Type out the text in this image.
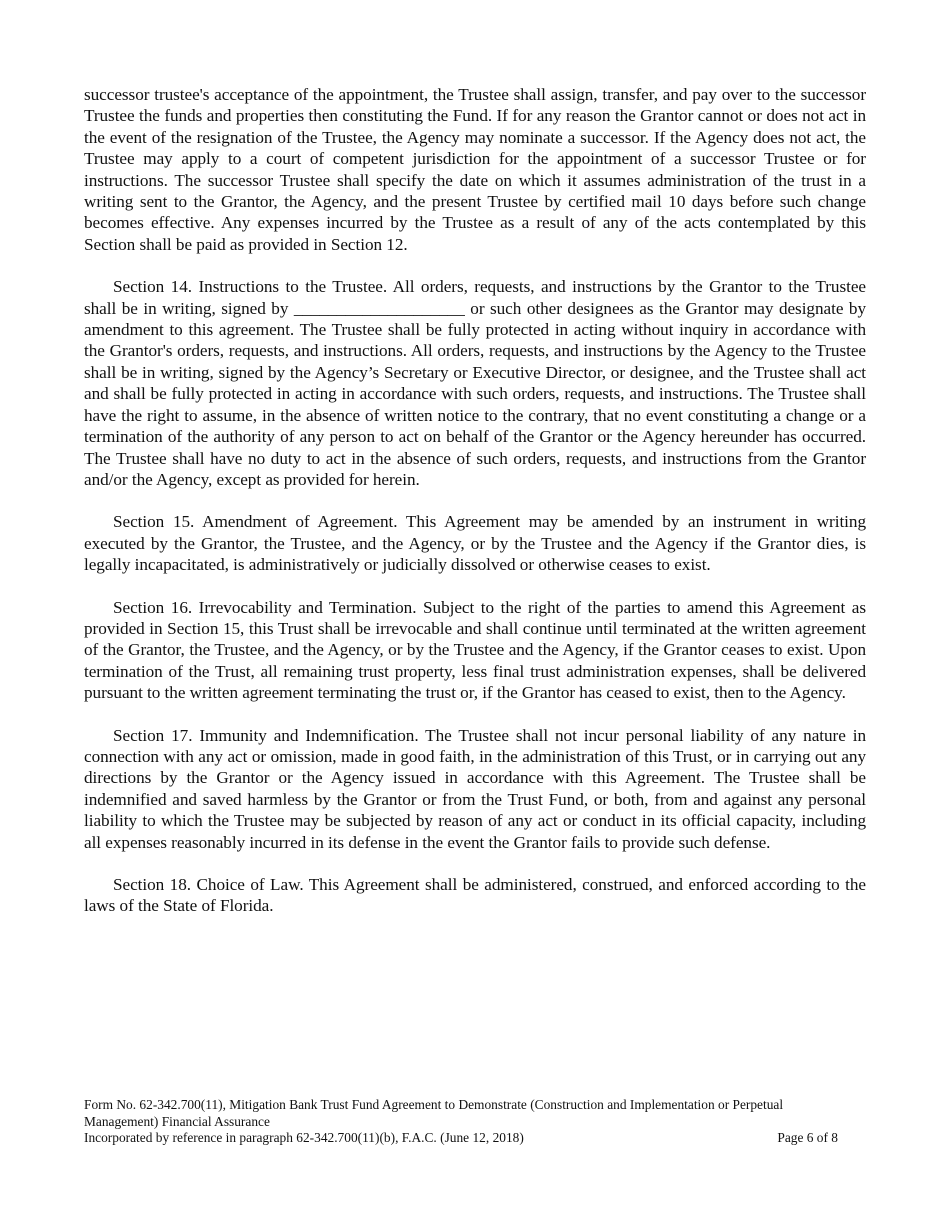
successor trustee's acceptance of the appointment, the Trustee shall assign, transfer, and pay over to the successor Trustee the funds and properties then constituting the Fund. If for any reason the Grantor cannot or does not act in the event of the resignation of the Trustee, the Agency may nominate a successor. If the Agency does not act, the Trustee may apply to a court of competent jurisdiction for the appointment of a successor Trustee or for instructions. The successor Trustee shall specify the date on which it assumes administration of the trust in a writing sent to the Grantor, the Agency, and the present Trustee by certified mail 10 days before such change becomes effective. Any expenses incurred by the Trustee as a result of any of the acts contemplated by this Section shall be paid as provided in Section 12.

Section 14. Instructions to the Trustee. All orders, requests, and instructions by the Grantor to the Trustee shall be in writing, signed by ____________________ or such other designees as the Grantor may designate by amendment to this agreement. The Trustee shall be fully protected in acting without inquiry in accordance with the Grantor's orders, requests, and instructions. All orders, requests, and instructions by the Agency to the Trustee shall be in writing, signed by the Agency’s Secretary or Executive Director, or designee, and the Trustee shall act and shall be fully protected in acting in accordance with such orders, requests, and instructions. The Trustee shall have the right to assume, in the absence of written notice to the contrary, that no event constituting a change or a termination of the authority of any person to act on behalf of the Grantor or the Agency hereunder has occurred. The Trustee shall have no duty to act in the absence of such orders, requests, and instructions from the Grantor and/or the Agency, except as provided for herein.

Section 15. Amendment of Agreement. This Agreement may be amended by an instrument in writing executed by the Grantor, the Trustee, and the Agency, or by the Trustee and the Agency if the Grantor dies, is legally incapacitated, is administratively or judicially dissolved or otherwise ceases to exist.

Section 16. Irrevocability and Termination. Subject to the right of the parties to amend this Agreement as provided in Section 15, this Trust shall be irrevocable and shall continue until terminated at the written agreement of the Grantor, the Trustee, and the Agency, or by the Trustee and the Agency, if the Grantor ceases to exist. Upon termination of the Trust, all remaining trust property, less final trust administration expenses, shall be delivered pursuant to the written agreement terminating the trust or, if the Grantor has ceased to exist, then to the Agency.

Section 17. Immunity and Indemnification. The Trustee shall not incur personal liability of any nature in connection with any act or omission, made in good faith, in the administration of this Trust, or in carrying out any directions by the Grantor or the Agency issued in accordance with this Agreement. The Trustee shall be indemnified and saved harmless by the Grantor or from the Trust Fund, or both, from and against any personal liability to which the Trustee may be subjected by reason of any act or conduct in its official capacity, including all expenses reasonably incurred in its defense in the event the Grantor fails to provide such defense.

Section 18. Choice of Law. This Agreement shall be administered, construed, and enforced according to the laws of the State of Florida.

Form No. 62-342.700(11), Mitigation Bank Trust Fund Agreement to Demonstrate (Construction and Implementation or Perpetual Management) Financial Assurance
Incorporated by reference in paragraph 62-342.700(11)(b), F.A.C. (June 12, 2018)	Page 6 of 8
